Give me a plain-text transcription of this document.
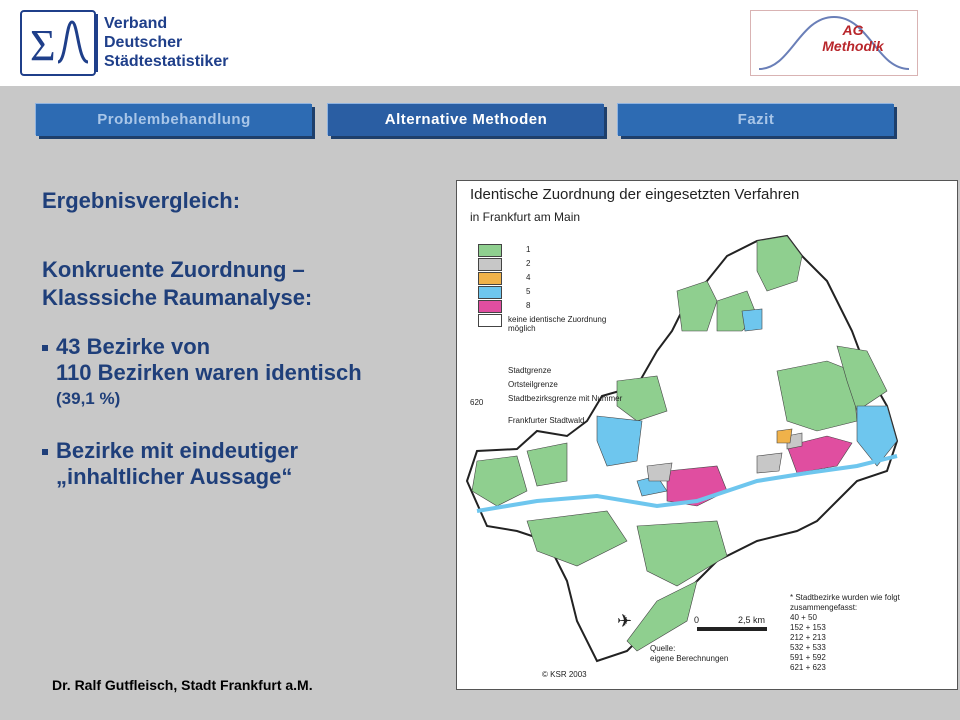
Σ	Verband
Deutscher
Städtestatistiker
AG
Methodik
Problembehandlung	Alternative Methoden	Fazit
Ergebnisvergleich:
Konkruente Zuordnung –
Klasssiche Raumanalyse:
43 Bezirke von
110 Bezirken waren identisch
(39,1 %)
Bezirke mit eindeutiger
„inhaltlicher Aussage“
✈
Identische Zuordnung der eingesetzten Verfahren
in Frankfurt am Main
1
2
4
5
8
keine identische Zuordnung möglich
Stadtgrenze
Ortsteilgrenze
Stadtbezirksgrenze mit Nummer
620
Frankfurter Stadtwald
0	2,5 km
* Stadtbezirke wurden wie folgt zusammengefasst:
40 + 50
152 + 153
212 + 213
532 + 533
591 + 592
621 + 623
Quelle:
eigene Berechnungen
© KSR 2003
Dr. Ralf Gutfleisch, Stadt Frankfurt a.M.
